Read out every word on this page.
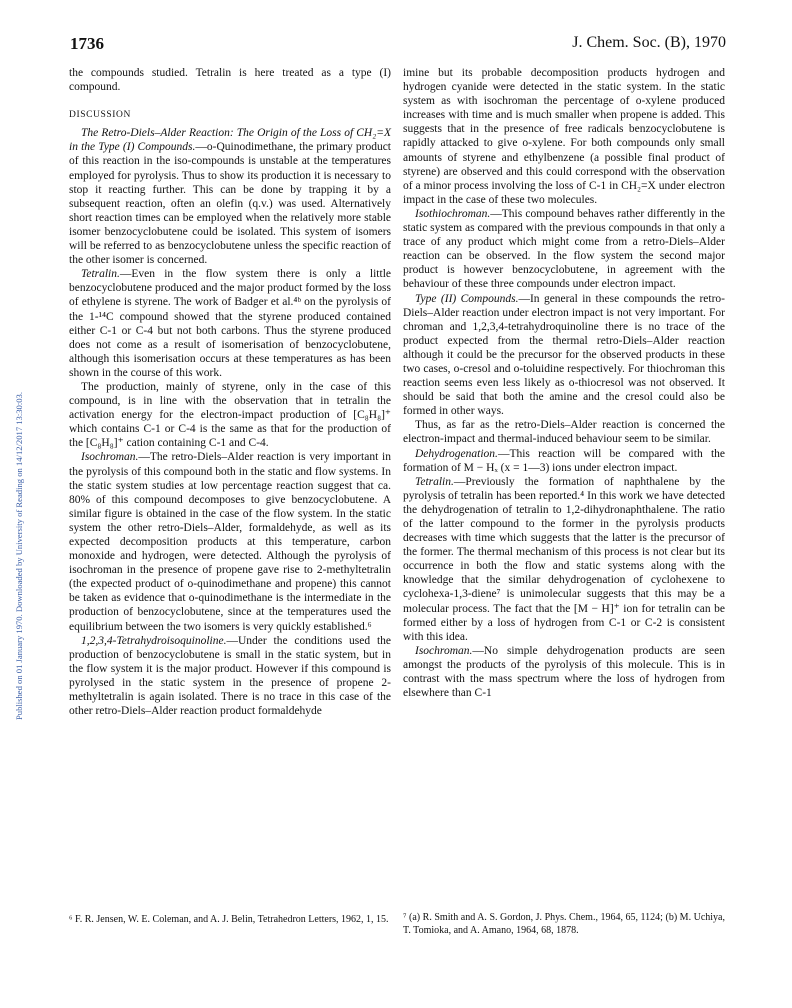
1736	J. Chem. Soc. (B), 1970
Published on 01 January 1970. Downloaded by University of Reading on 14/12/2017 13:30:03.

the compounds studied. Tetralin is here treated as a type (I) compound.

DISCUSSION

The Retro-Diels–Alder Reaction: The Origin of the Loss of CH₂=X in the Type (I) Compounds.—o-Quinodimethane, the primary product of this reaction in the iso-compounds is unstable at the temperatures employed for pyrolysis. Thus to show its production it is necessary to stop it reacting further. This can be done by trapping it by a subsequent reaction, often an olefin (q.v.) was used. Alternatively short reaction times can be employed when the relatively more stable isomer benzocyclobutene could be isolated. This system of isomers will be referred to as benzocyclobutene unless the specific reaction of the other isomer is concerned.

Tetralin.—Even in the flow system there is only a little benzocyclobutene produced and the major product formed by the loss of ethylene is styrene. The work of Badger et al.⁴ᵇ on the pyrolysis of the 1-¹⁴C compound showed that the styrene produced contained either C-1 or C-4 but not both carbons. Thus the styrene produced does not come as a result of isomerisation of benzocyclobutene, although this isomerisation occurs at these temperatures as has been shown in the course of this work.

The production, mainly of styrene, only in the case of this compound, is in line with the observation that in tetralin the activation energy for the electron-impact production of [C₈H₈]⁺ which contains C-1 or C-4 is the same as that for the production of the [C₈H₈]⁺ cation containing C-1 and C-4.

Isochroman.—The retro-Diels–Alder reaction is very important in the pyrolysis of this compound both in the static and flow systems. In the static system studies at low percentage reaction suggest that ca. 80% of this compound decomposes to give benzocyclobutene. A similar figure is obtained in the case of the flow system. In the static system the other retro-Diels–Alder, formaldehyde, as well as its expected decomposition products at this temperature, carbon monoxide and hydrogen, were detected. Although the pyrolysis of isochroman in the presence of propene gave rise to 2-methyltetralin (the expected product of o-quinodimethane and propene) this cannot be taken as evidence that o-quinodimethane is the intermediate in the production of benzocyclobutene, since at the temperatures used the equilibrium between the two isomers is very quickly established.⁶

1,2,3,4-Tetrahydroisoquinoline.—Under the conditions used the production of benzocyclobutene is small in the static system, but in the flow system it is the major product. However if this compound is pyrolysed in the static system in the presence of propene 2-methyltetralin is again isolated. There is no trace in this case of the other retro-Diels–Alder reaction product formaldehyde

imine but its probable decomposition products hydrogen and hydrogen cyanide were detected in the static system. In the static system as with isochroman the percentage of o-xylene produced increases with time and is much smaller when propene is added. This suggests that in the presence of free radicals benzocyclobutene is rapidly attacked to give o-xylene. For both compounds only small amounts of styrene and ethylbenzene (a possible final product of styrene) are observed and this could correspond with the observation of a minor process involving the loss of C-1 in CH₂=X under electron impact in the case of these two molecules.

Isothiochroman.—This compound behaves rather differently in the static system as compared with the previous compounds in that only a trace of any product which might come from a retro-Diels–Alder reaction can be observed. In the flow system the second major product is however benzocyclobutene, in agreement with the behaviour of these three compounds under electron impact.

Type (II) Compounds.—In general in these compounds the retro-Diels–Alder reaction under electron impact is not very important. For chroman and 1,2,3,4-tetrahydroquinoline there is no trace of the product expected from the thermal retro-Diels–Alder reaction although it could be the precursor for the observed products in these two cases, o-cresol and o-toluidine respectively. For thiochroman this reaction seems even less likely as o-thiocresol was not observed. It should be said that both the amine and the cresol could also be formed in other ways.

Thus, as far as the retro-Diels–Alder reaction is concerned the electron-impact and thermal-induced behaviour seem to be similar.

Dehydrogenation.—This reaction will be compared with the formation of M − Hₓ (x = 1—3) ions under electron impact.

Tetralin.—Previously the formation of naphthalene by the pyrolysis of tetralin has been reported.⁴ In this work we have detected the dehydrogenation of tetralin to 1,2-dihydronaphthalene. The ratio of the latter compound to the former in the pyrolysis products decreases with time which suggests that the latter is the precursor of the former. The thermal mechanism of this process is not clear but its occurrence in both the flow and static systems along with the knowledge that the similar dehydrogenation of cyclohexene to cyclohexa-1,3-diene⁷ is unimolecular suggests that this may be a molecular process. The fact that the [M − H]⁺ ion for tetralin can be formed either by a loss of hydrogen from C-1 or C-2 is consistent with this idea.

Isochroman.—No simple dehydrogenation products are seen amongst the products of the pyrolysis of this molecule. This is in contrast with the mass spectrum where the loss of hydrogen from elsewhere than C-1

⁶ F. R. Jensen, W. E. Coleman, and A. J. Belin, Tetrahedron Letters, 1962, 1, 15. ⁷ (a) R. Smith and A. S. Gordon, J. Phys. Chem., 1964, 65, 1124; (b) M. Uchiya, T. Tomioka, and A. Amano, 1964, 68, 1878.
